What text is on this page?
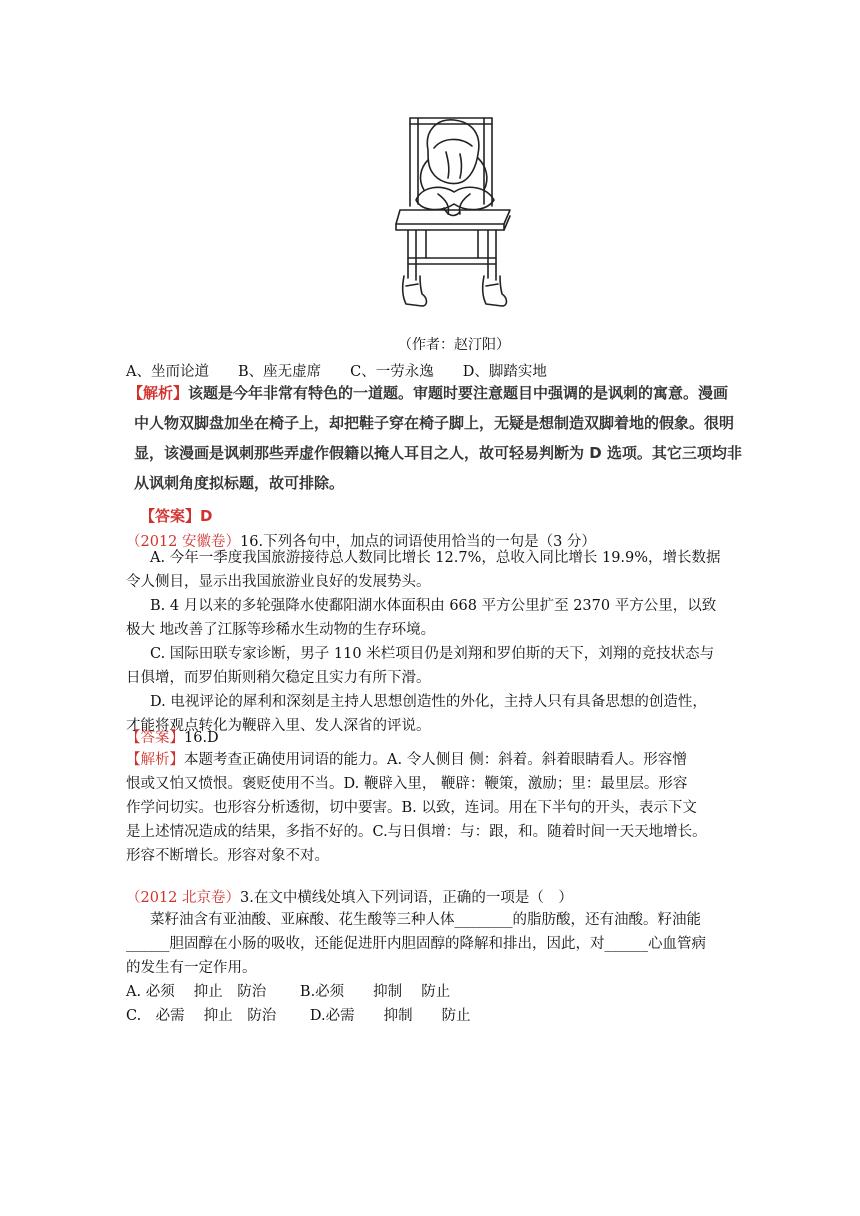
（作者：赵汀阳）
A、坐而论道　　B、座无虚席　　C、一劳永逸　　D、脚踏实地
【解析】该题是今年非常有特色的一道题。审题时要注意题目中强调的是讽刺的寓意。漫画
中人物双脚盘加坐在椅子上，却把鞋子穿在椅子脚上，无疑是想制造双脚着地的假象。很明
显，该漫画是讽刺那些弄虚作假籍以掩人耳目之人，故可轻易判断为 D 选项。其它三项均非
从讽刺角度拟标题，故可排除。
【答案】D
（2012 安徽卷）16.下列各句中，加点的词语使用恰当的一句是（3 分）
A. 今年一季度我国旅游接待总人数同比增长 12.7%，总收入同比增长 19.9%，增长数据
令人侧目，显示出我国旅游业良好的发展势头。
B. 4 月以来的多轮强降水使鄱阳湖水体面积由 668 平方公里扩至 2370 平方公里，以致
极大 地改善了江豚等珍稀水生动物的生存环境。
C. 国际田联专家诊断，男子 110 米栏项目仍是刘翔和罗伯斯的天下，刘翔的竞技状态与
日俱增，而罗伯斯则稍欠稳定且实力有所下滑。
D. 电视评论的犀利和深刻是主持人思想创造性的外化，主持人只有具备思想的创造性，
才能将观点转化为鞭辟入里、发人深省的评说。
【答案】16.D
【解析】本题考查正确使用词语的能力。A. 令人侧目 侧：斜着。斜着眼睛看人。形容憎
恨或又怕又愤恨。褒贬使用不当。D. 鞭辟入里， 鞭辟：鞭策，激励；里：最里层。形容
作学问切实。也形容分析透彻，切中要害。B. 以致，连词。用在下半句的开头，表示下文
是上述情况造成的结果，多指不好的。C.与日俱增：与：跟，和。随着时间一天天地增长。
形容不断增长。形容对象不对。
（2012 北京卷）3.在文中横线处填入下列词语，正确的一项是（　）
菜籽油含有亚油酸、亚麻酸、花生酸等三种人体________的脂肪酸，还有油酸。籽油能
______胆固醇在小肠的吸收，还能促进肝内胆固醇的降解和排出，因此，对______心血管病
的发生有一定作用。
A. 必须　 抑止　防治　　 B.必须　　抑制　 防止
C.　必需　 抑止　防治　　 D.必需　　抑制　　防止
